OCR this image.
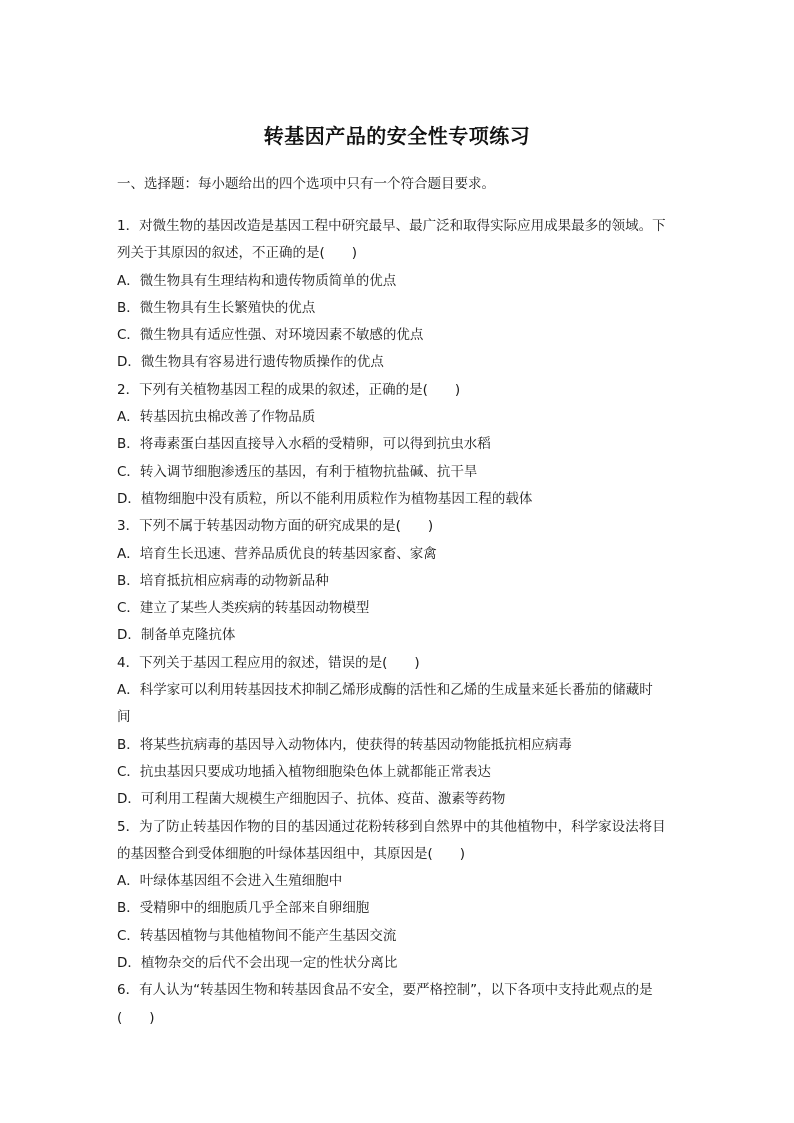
转基因产品的安全性专项练习
一、选择题：每小题给出的四个选项中只有一个符合题目要求。
1．对微生物的基因改造是基因工程中研究最早、最广泛和取得实际应用成果最多的领域。下
列关于其原因的叙述，不正确的是(　　)
A．微生物具有生理结构和遗传物质简单的优点
B．微生物具有生长繁殖快的优点
C．微生物具有适应性强、对环境因素不敏感的优点
D．微生物具有容易进行遗传物质操作的优点
2．下列有关植物基因工程的成果的叙述，正确的是(　　)
A．转基因抗虫棉改善了作物品质
B．将毒素蛋白基因直接导入水稻的受精卵，可以得到抗虫水稻
C．转入调节细胞渗透压的基因，有利于植物抗盐碱、抗干旱
D．植物细胞中没有质粒，所以不能利用质粒作为植物基因工程的载体
3．下列不属于转基因动物方面的研究成果的是(　　)
A．培育生长迅速、营养品质优良的转基因家畜、家禽
B．培育抵抗相应病毒的动物新品种
C．建立了某些人类疾病的转基因动物模型
D．制备单克隆抗体
4．下列关于基因工程应用的叙述，错误的是(　　)
A．科学家可以利用转基因技术抑制乙烯形成酶的活性和乙烯的生成量来延长番茄的储藏时
间
B．将某些抗病毒的基因导入动物体内，使获得的转基因动物能抵抗相应病毒
C．抗虫基因只要成功地插入植物细胞染色体上就都能正常表达
D．可利用工程菌大规模生产细胞因子、抗体、疫苗、激素等药物
5．为了防止转基因作物的目的基因通过花粉转移到自然界中的其他植物中，科学家设法将目
的基因整合到受体细胞的叶绿体基因组中，其原因是(　　)
A．叶绿体基因组不会进入生殖细胞中
B．受精卵中的细胞质几乎全部来自卵细胞
C．转基因植物与其他植物间不能产生基因交流
D．植物杂交的后代不会出现一定的性状分离比
6．有人认为“转基因生物和转基因食品不安全，要严格控制”，以下各项中支持此观点的是
(　　)
